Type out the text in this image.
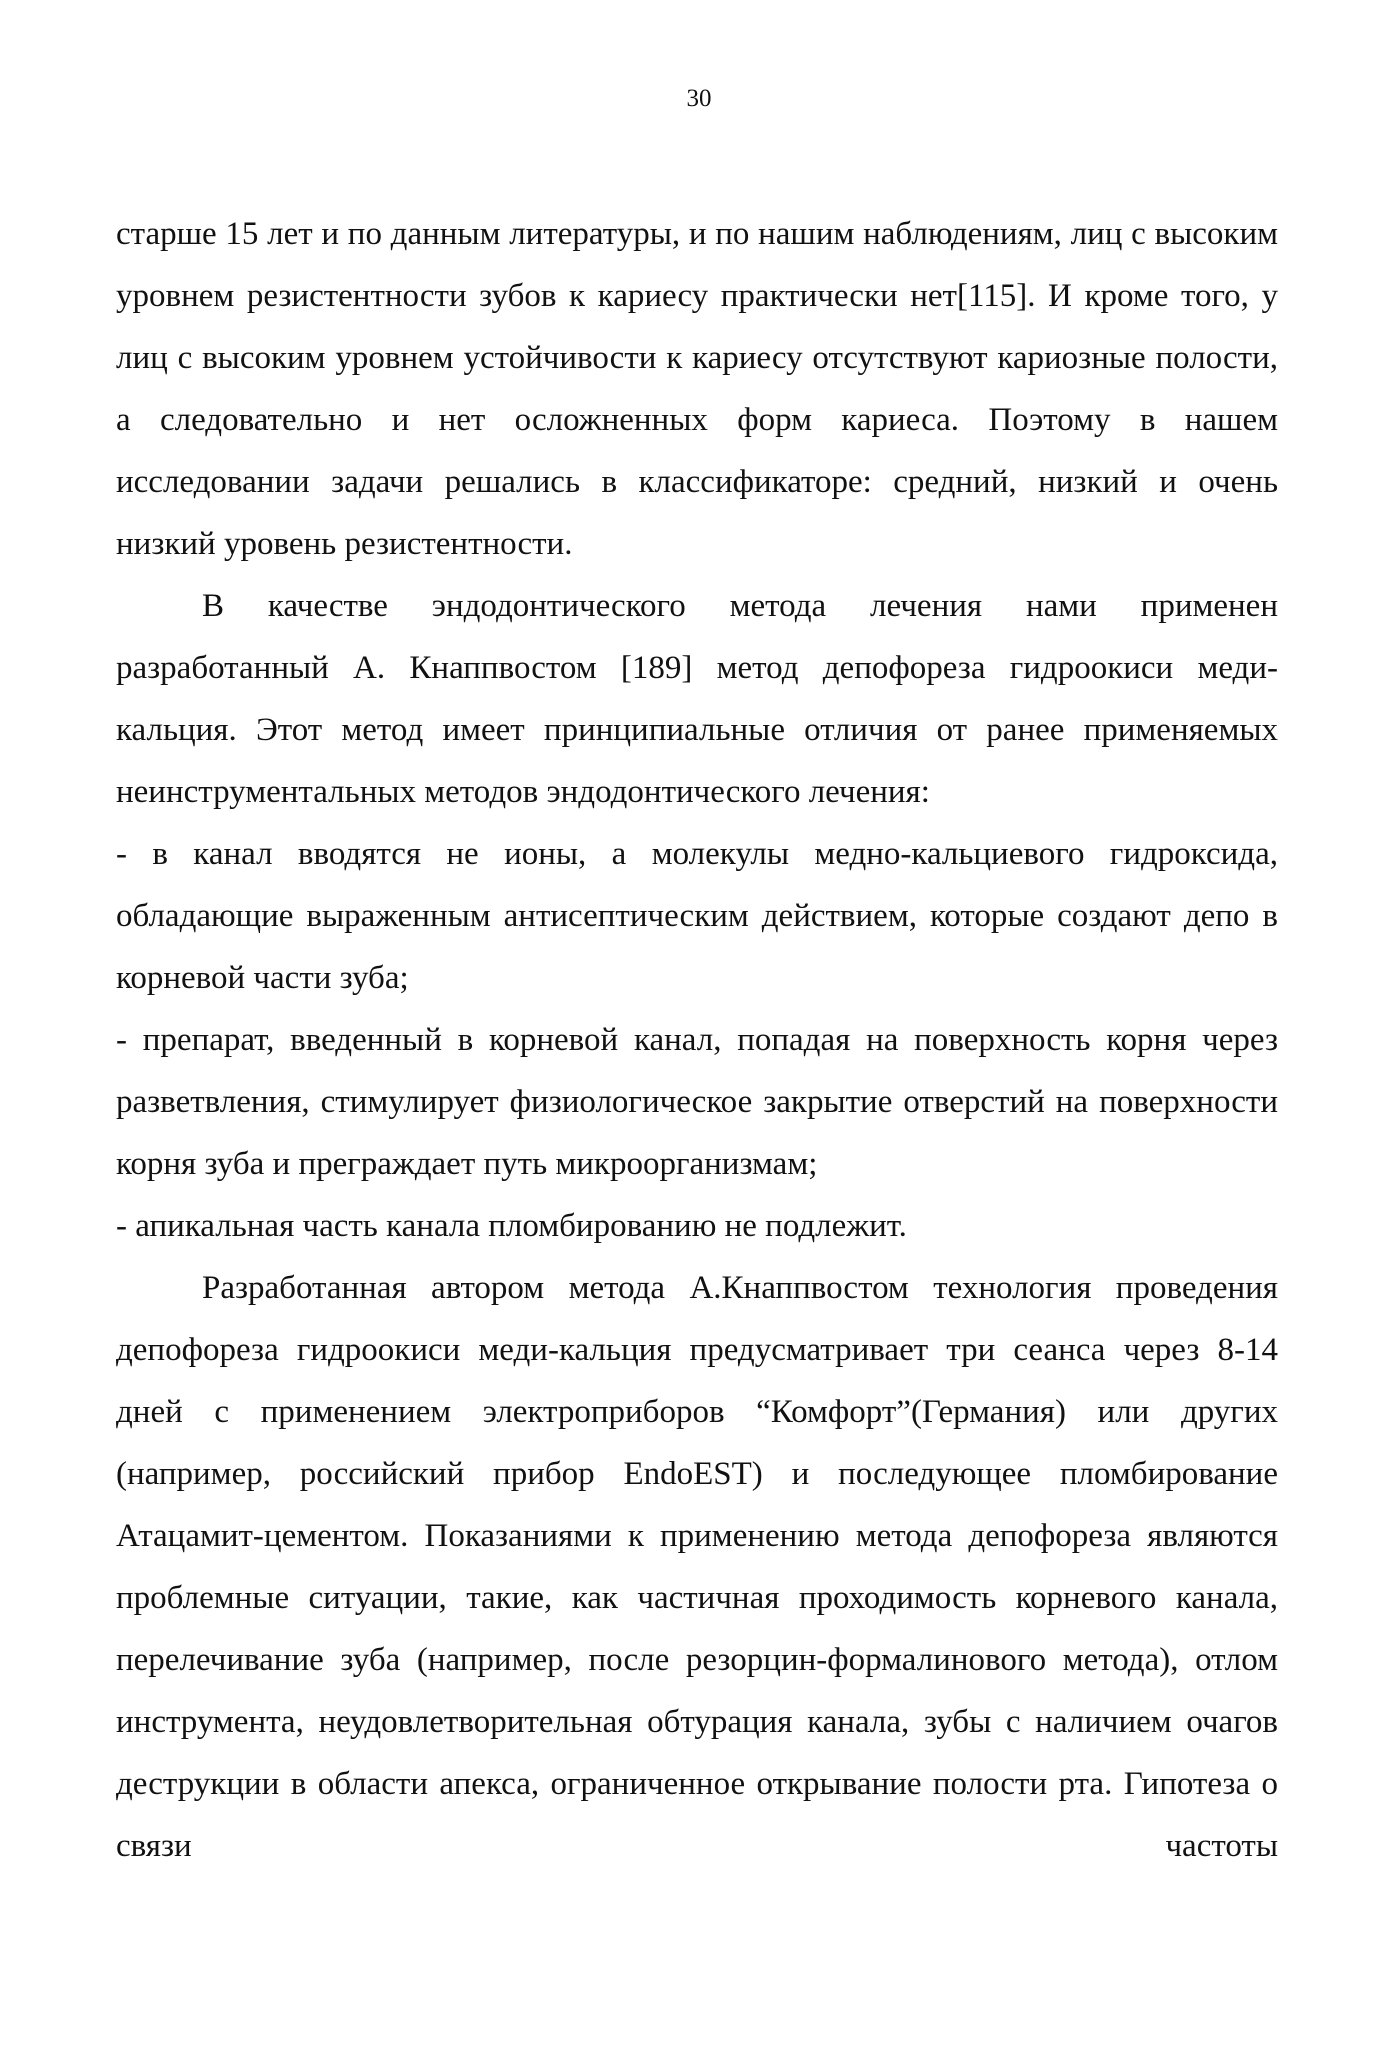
30

старше 15 лет и по данным литературы, и по нашим наблюдениям, лиц с высоким уровнем резистентности зубов к кариесу практически нет[115]. И кроме того, у лиц с высоким уровнем устойчивости к кариесу отсутствуют кариозные полости, а следовательно и нет осложненных форм кариеса. Поэтому в нашем исследовании задачи решались в классификаторе: средний, низкий и очень низкий уровень резистентности.

В качестве эндодонтического метода лечения нами применен разработанный А. Кнаппвостом [189] метод депофореза гидроокиси меди-кальция. Этот метод имеет принципиальные отличия от ранее применяемых неинструментальных методов эндодонтического лечения:

- в канал вводятся не ионы, а молекулы медно-кальциевого гидроксида, обладающие выраженным антисептическим действием, которые создают депо в корневой части зуба;

- препарат, введенный в корневой канал, попадая на поверхность корня через разветвления, стимулирует физиологическое закрытие отверстий на поверхности корня зуба и преграждает путь микроорганизмам;

- апикальная часть канала пломбированию не подлежит.

Разработанная автором метода А.Кнаппвостом технология проведения депофореза гидроокиси меди-кальция предусматривает три сеанса через 8-14 дней с применением электроприборов “Комфорт”(Германия) или других (например, российский прибор EndoEST) и последующее пломбирование Атацамит-цементом. Показаниями к применению метода депофореза являются проблемные ситуации, такие, как частичная проходимость корневого канала, перелечивание зуба (например, после резорцин-формалинового метода), отлом инструмента, неудовлетворительная обтурация канала, зубы с наличием очагов деструкции в области апекса, ограниченное открывание полости рта. Гипотеза о связи частоты
